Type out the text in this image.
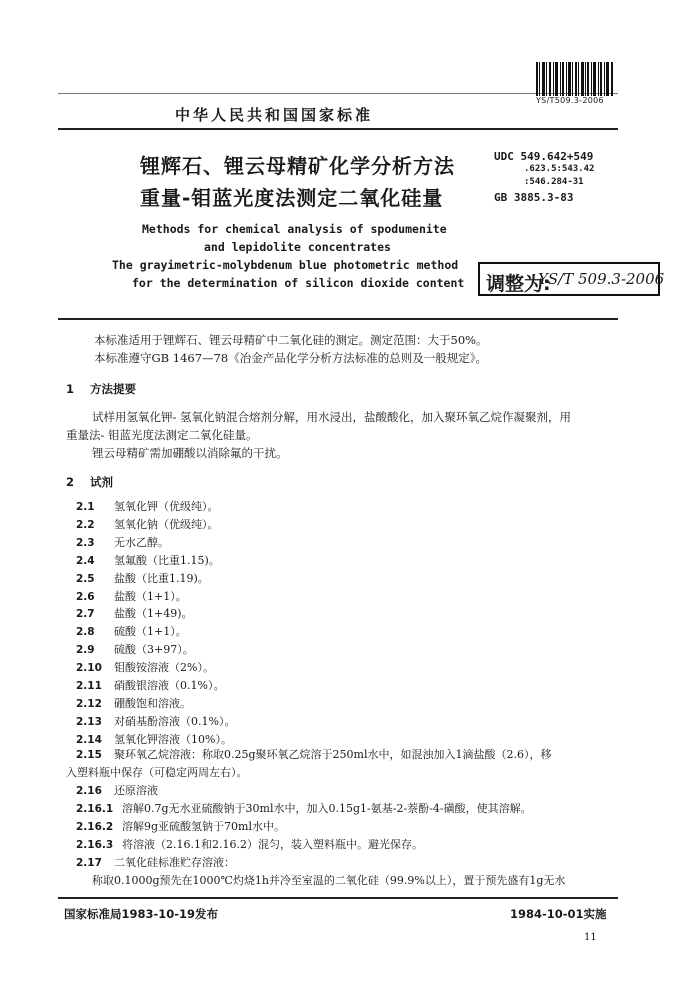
YS/T509.3-2006
中华人民共和国国家标准
锂辉石、锂云母精矿化学分析方法
重量-钼蓝光度法测定二氧化硅量
UDC 549.642+549
.623.5:543.42
:546.284-31
GB 3885.3-83
Methods for chemical analysis of spodumenite
and lepidolite concentrates
The grayimetric-molybdenum blue photometric method
for the determination of silicon dioxide content 调整为:
YS/T 509.3-2006
本标准适用于锂辉石、锂云母精矿中二氧化硅的测定。测定范围：大于50%。
本标准遵守GB 1467—78《冶金产品化学分析方法标准的总则及一般规定》。
1 方法提要
试样用氢氧化钾- 氢氧化钠混合熔剂分解，用水浸出，盐酸酸化，加入聚环氧乙烷作凝聚剂，用
重量法- 钼蓝光度法测定二氧化硅量。
锂云母精矿需加硼酸以消除氟的干扰。
2 试剂
2.1 氢氧化钾（优级纯）。
2.2 氢氧化钠（优级纯）。
2.3 无水乙醇。
2.4 氢氟酸（比重1.15)。
2.5 盐酸（比重1.19)。
2.6 盐酸（1+1）。
2.7 盐酸（1+49)。
2.8 硫酸（1+1）。
2.9 硫酸（3+97）。
2.10 钼酸铵溶液（2%）。
2.11 硝酸银溶液（0.1%）。
2.12 硼酸饱和溶液。
2.13 对硝基酚溶液（0.1%）。
2.14 氢氧化钾溶液（10%）。
2.15 聚环氧乙烷溶液：称取0.25g聚环氧乙烷溶于250ml水中，如混浊加入1滴盐酸（2.6），移
入塑料瓶中保存（可稳定两周左右）。
2.16 还原溶液
2.16.1 溶解0.7g无水亚硫酸钠于30ml水中，加入0.15g1-氨基-2-萘酚-4-磺酸，使其溶解。
2.16.2 溶解9g亚硫酸氢钠于70ml水中。
2.16.3 将溶液（2.16.1和2.16.2）混匀，装入塑料瓶中。避光保存。
2.17 二氧化硅标准贮存溶液：
称取0.1000g预先在1000℃灼烧1h并冷至室温的二氧化硅（99.9%以上），置于预先盛有1g无水
国家标准局1983-10-19发布	1984-10-01实施
11
